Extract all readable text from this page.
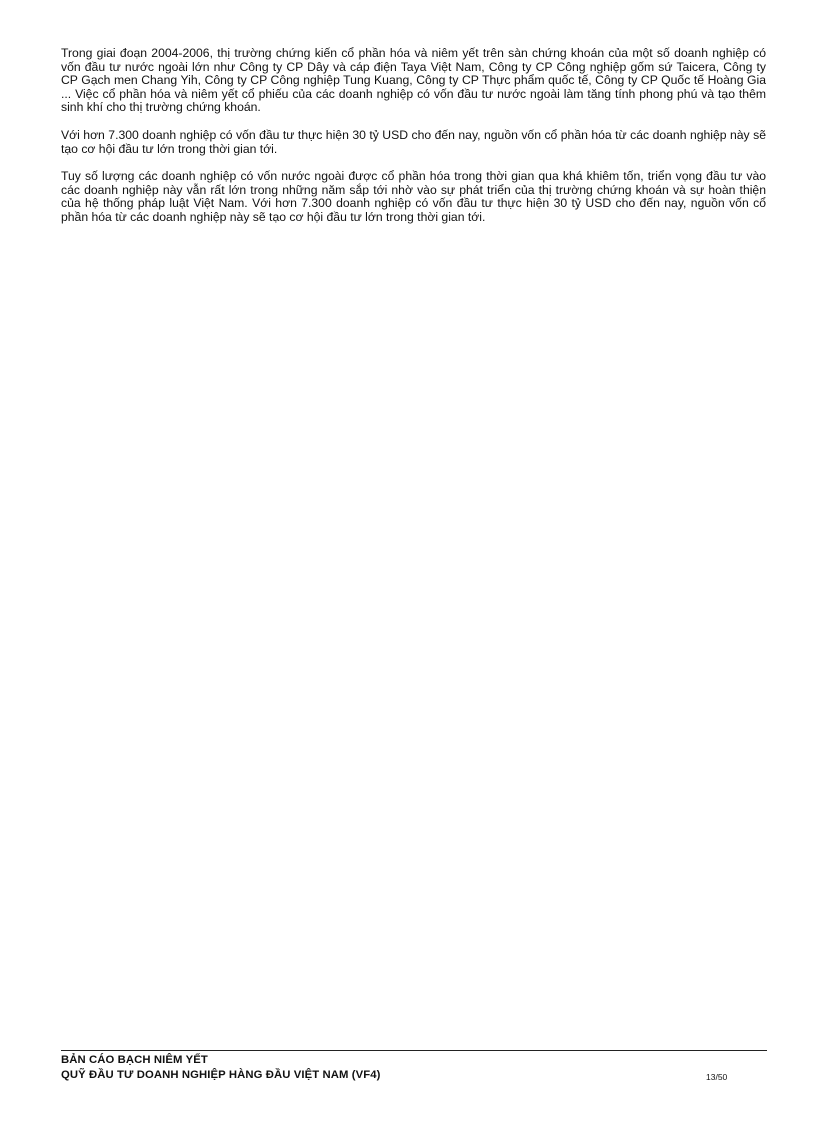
Trong giai đoạn 2004-2006, thị trường chứng kiến cổ phần hóa và niêm yết trên sàn chứng khoán của một số doanh nghiệp có vốn đầu tư nước ngoài lớn như Công ty CP Dây và cáp điện Taya Việt Nam, Công ty CP Công nghiệp gốm sứ Taicera, Công ty CP Gạch men Chang Yih, Công ty CP Công nghiệp Tung Kuang, Công ty CP Thực phẩm quốc tế, Công ty CP Quốc tế Hoàng Gia ... Việc cổ phần hóa và niêm yết cổ phiếu của các doanh nghiệp có vốn đầu tư nước ngoài làm tăng tính phong phú và tạo thêm sinh khí cho thị trường chứng khoán.

Với hơn 7.300 doanh nghiệp có vốn đầu tư thực hiện 30 tỷ USD cho đến nay, nguồn vốn cổ phần hóa từ các doanh nghiệp này sẽ tạo cơ hội đầu tư lớn trong thời gian tới.

Tuy số lượng các doanh nghiệp có vốn nước ngoài được cổ phần hóa trong thời gian qua khá khiêm tốn, triển vọng đầu tư vào các doanh nghiệp này vẫn rất lớn trong những năm sắp tới nhờ vào sự phát triển của thị trường chứng khoán và sự hoàn thiện của hệ thống pháp luật Việt Nam. Với hơn 7.300 doanh nghiệp có vốn đầu tư thực hiện 30 tỷ USD cho đến nay, nguồn vốn cổ phần hóa từ các doanh nghiệp này sẽ tạo cơ hội đầu tư lớn trong thời gian tới.

BẢN CÁO BẠCH NIÊM YẾT
QUỸ ĐẦU TƯ DOANH NGHIỆP HÀNG ĐẦU VIỆT NAM (VF4)	13/50
